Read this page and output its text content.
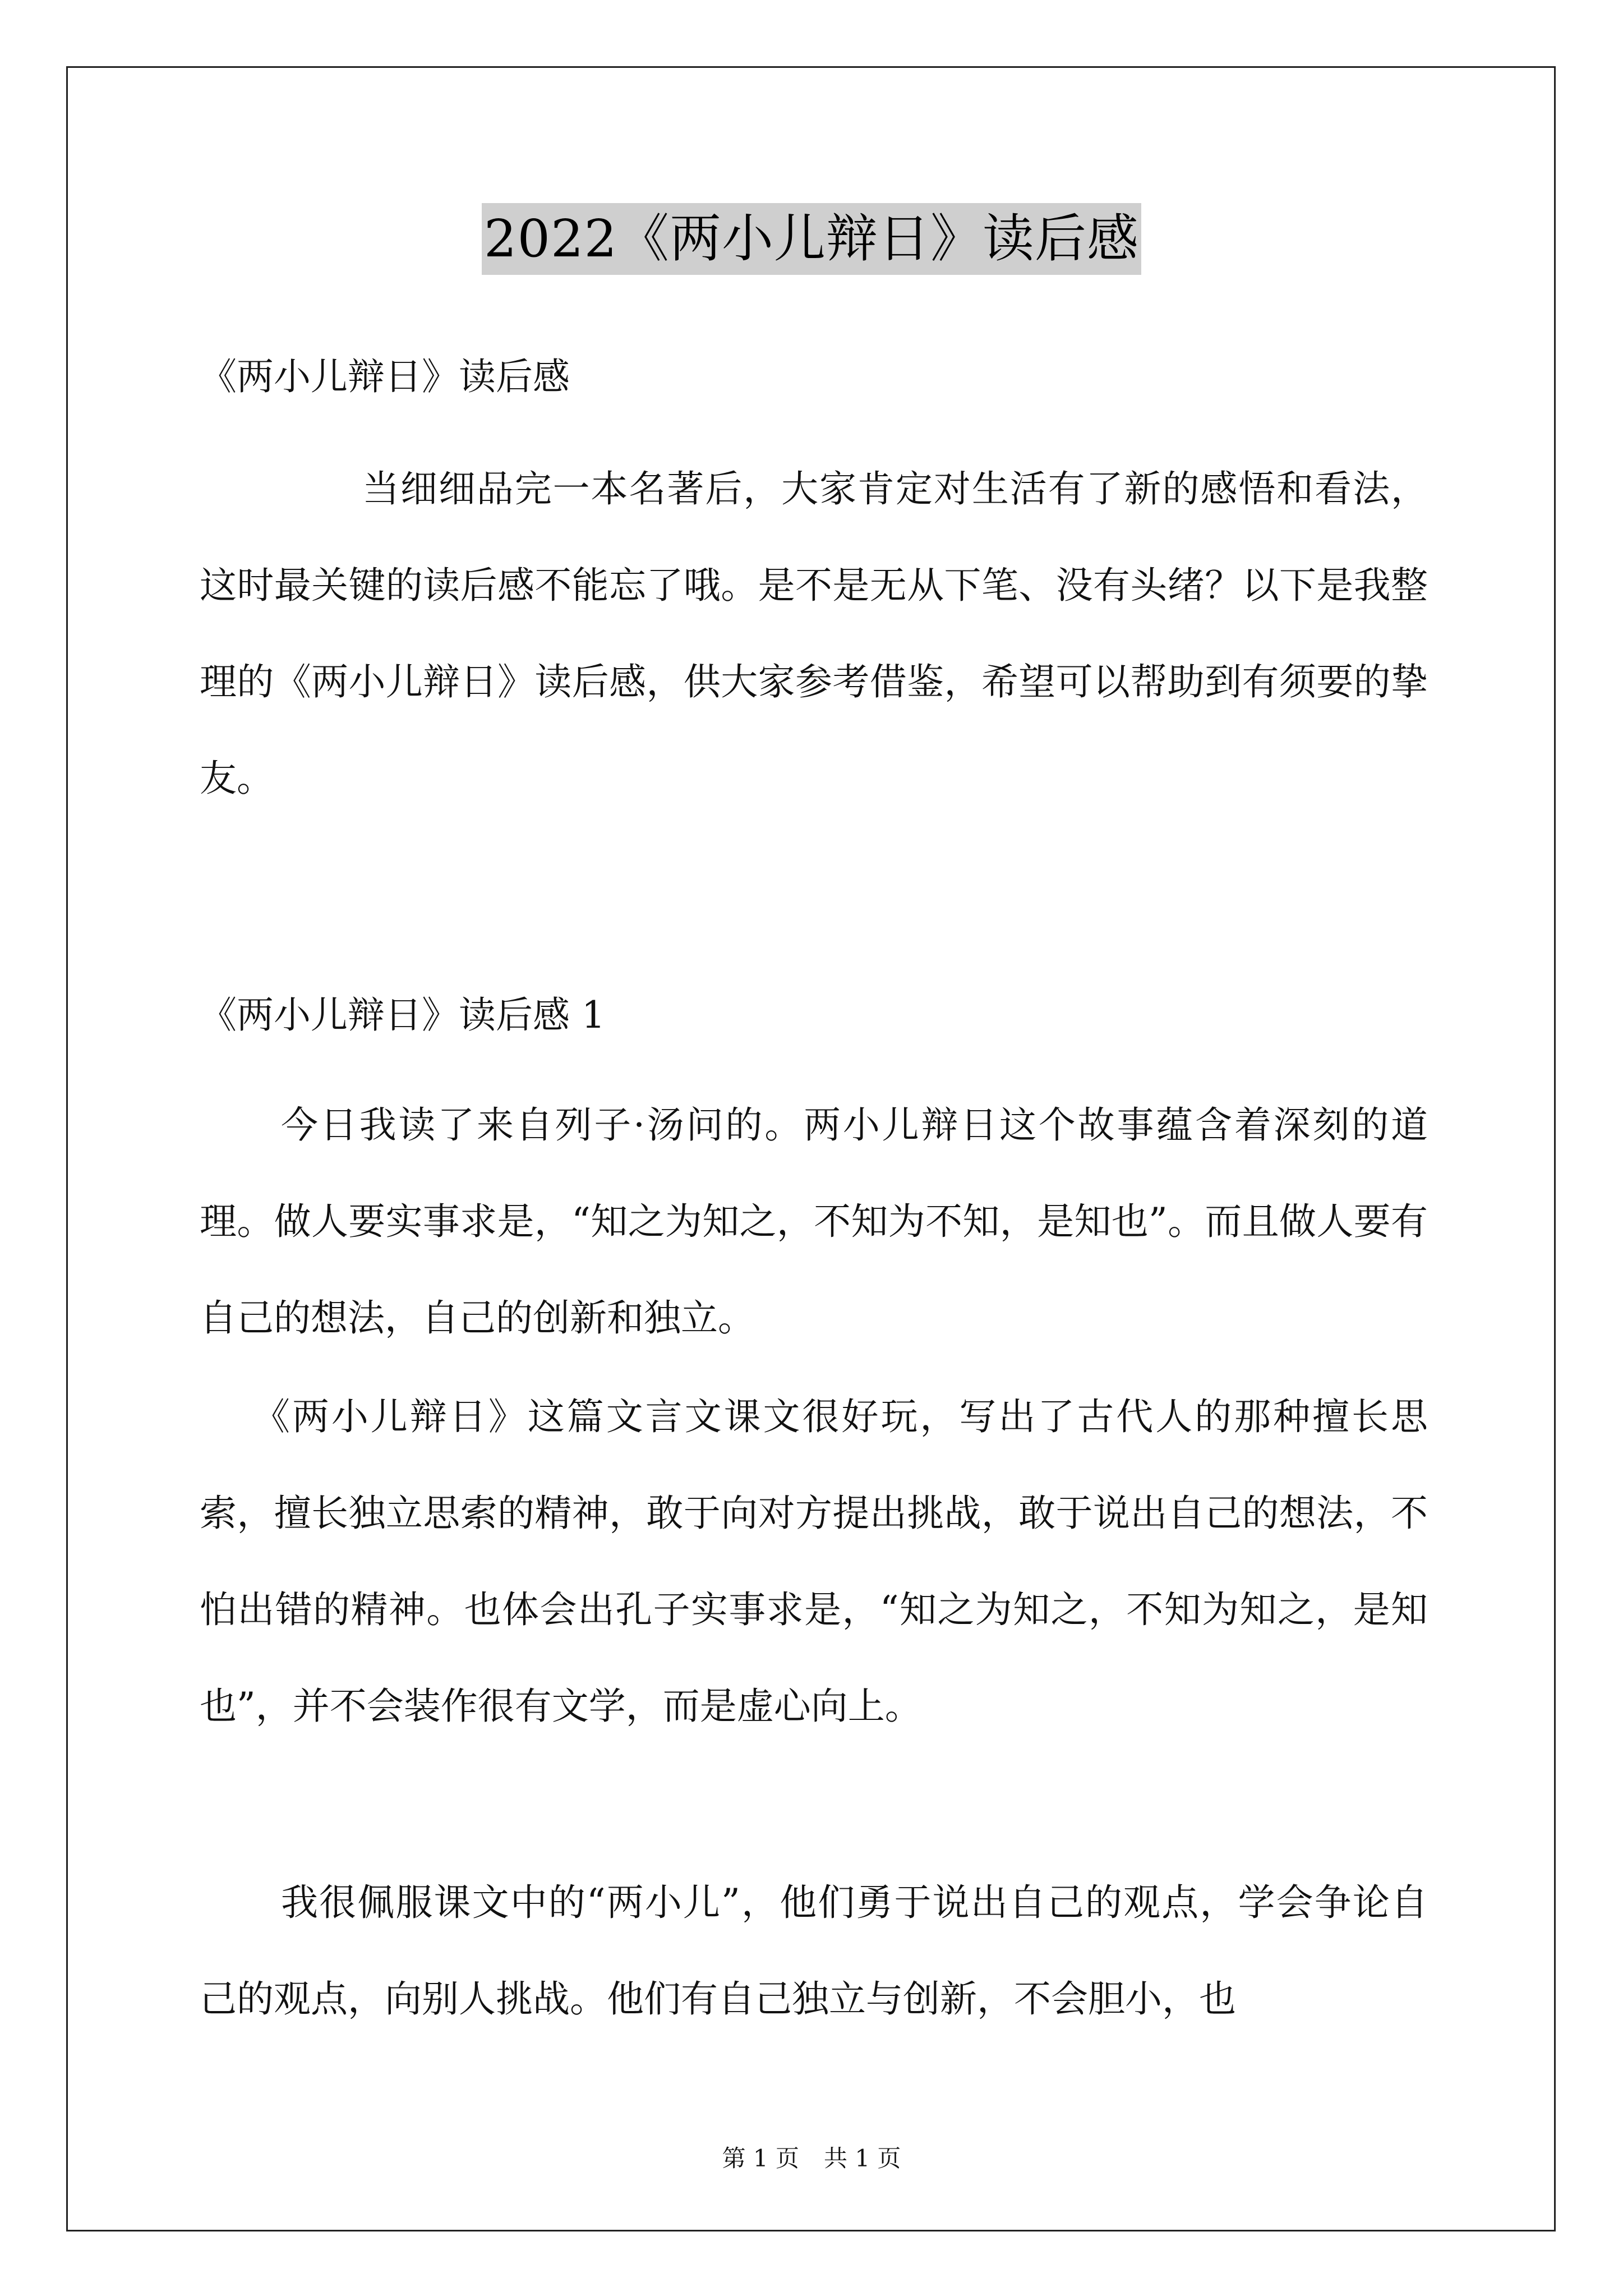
2022《两小儿辩日》读后感
《两小儿辩日》读后感

当细细品完一本名著后，大家肯定对生活有了新的感悟和看法，这时最关键的读后感不能忘了哦。是不是无从下笔、没有头绪？以下是我整理的《两小儿辩日》读后感，供大家参考借鉴，希望可以帮助到有须要的挚友。

《两小儿辩日》读后感 1

今日我读了来自列子·汤问的。两小儿辩日这个故事蕴含着深刻的道理。做人要实事求是，“知之为知之，不知为不知，是知也”。而且做人要有自己的想法，自己的创新和独立。

《两小儿辩日》这篇文言文课文很好玩，写出了古代人的那种擅长思索，擅长独立思索的精神，敢于向对方提出挑战，敢于说出自己的想法，不怕出错的精神。也体会出孔子实事求是，“知之为知之，不知为知之，是知也”，并不会装作很有文学，而是虚心向上。

我很佩服课文中的“两小儿”，他们勇于说出自己的观点，学会争论自己的观点，向别人挑战。他们有自己独立与创新，不会胆小，也

第 1 页 共 1 页
